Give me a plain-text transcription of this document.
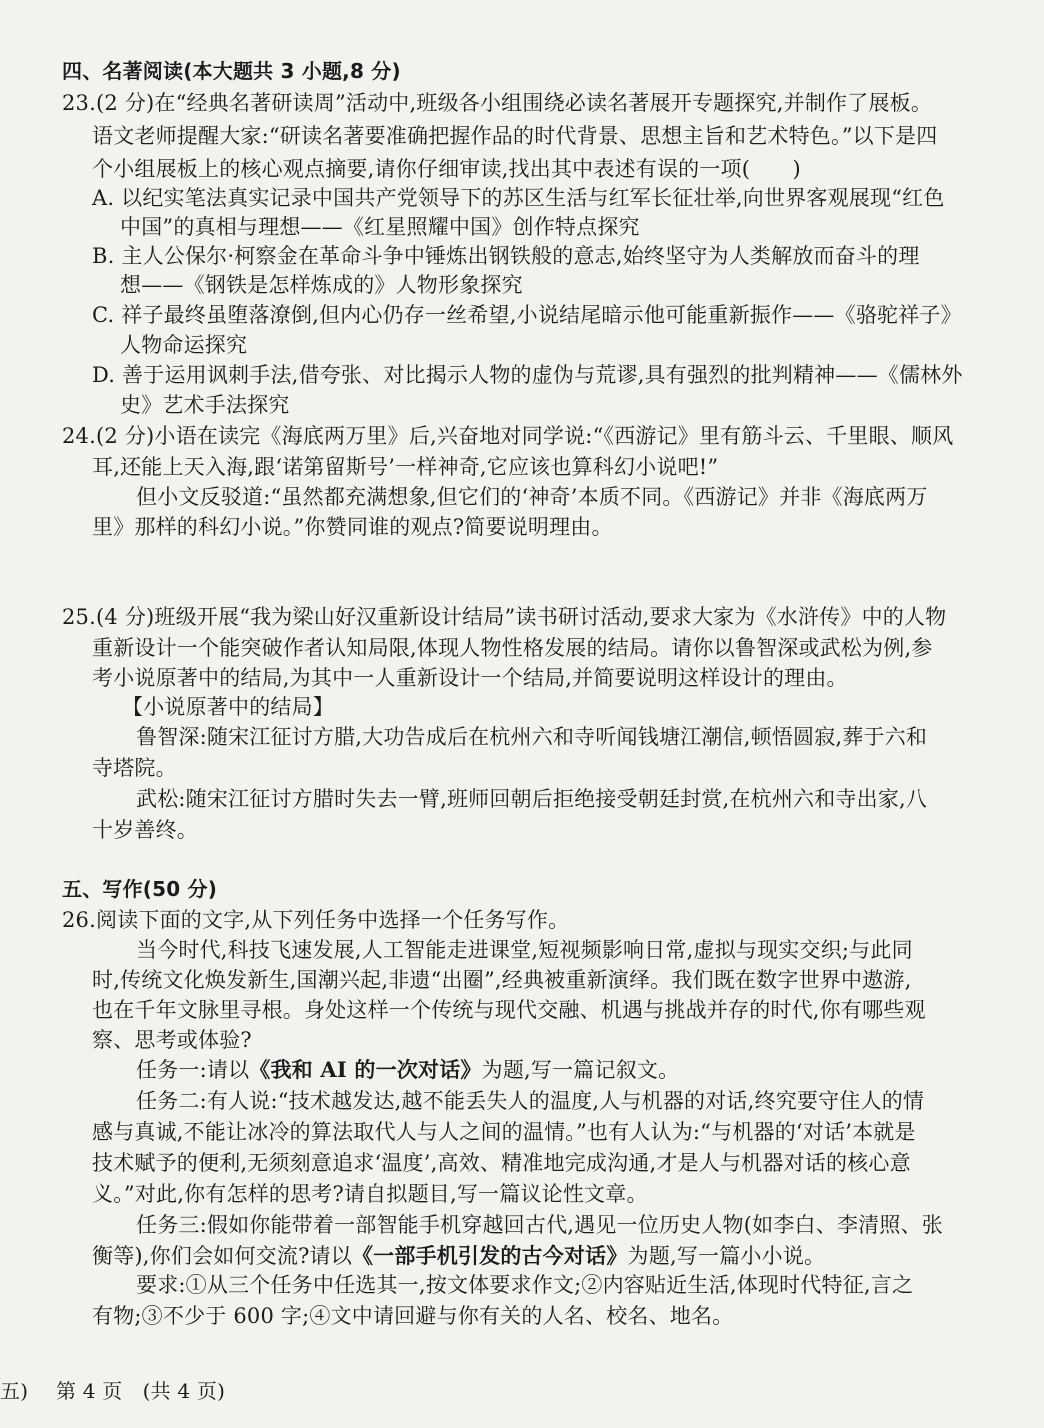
四、名著阅读(本大题共 3 小题,8 分)
23.(2 分)在“经典名著研读周”活动中,班级各小组围绕必读名著展开专题探究,并制作了展板。
语文老师提醒大家:“研读名著要准确把握作品的时代背景、思想主旨和艺术特色。”以下是四
个小组展板上的核心观点摘要,请你仔细审读,找出其中表述有误的一项(　　)
A. 以纪实笔法真实记录中国共产党领导下的苏区生活与红军长征壮举,向世界客观展现“红色
中国”的真相与理想——《红星照耀中国》创作特点探究
B. 主人公保尔·柯察金在革命斗争中锤炼出钢铁般的意志,始终坚守为人类解放而奋斗的理
想——《钢铁是怎样炼成的》人物形象探究
C. 祥子最终虽堕落潦倒,但内心仍存一丝希望,小说结尾暗示他可能重新振作——《骆驼祥子》
人物命运探究
D. 善于运用讽刺手法,借夸张、对比揭示人物的虚伪与荒谬,具有强烈的批判精神——《儒林外
史》艺术手法探究
24.(2 分)小语在读完《海底两万里》后,兴奋地对同学说:“《西游记》里有筋斗云、千里眼、顺风
耳,还能上天入海,跟‘诺第留斯号’一样神奇,它应该也算科幻小说吧!”
但小文反驳道:“虽然都充满想象,但它们的‘神奇’本质不同。《西游记》并非《海底两万
里》那样的科幻小说。”你赞同谁的观点?简要说明理由。
25.(4 分)班级开展“我为梁山好汉重新设计结局”读书研讨活动,要求大家为《水浒传》中的人物
重新设计一个能突破作者认知局限,体现人物性格发展的结局。请你以鲁智深或武松为例,参
考小说原著中的结局,为其中一人重新设计一个结局,并简要说明这样设计的理由。
【小说原著中的结局】
鲁智深:随宋江征讨方腊,大功告成后在杭州六和寺听闻钱塘江潮信,顿悟圆寂,葬于六和
寺塔院。
武松:随宋江征讨方腊时失去一臂,班师回朝后拒绝接受朝廷封赏,在杭州六和寺出家,八
十岁善终。
五、写作(50 分)
26.阅读下面的文字,从下列任务中选择一个任务写作。
当今时代,科技飞速发展,人工智能走进课堂,短视频影响日常,虚拟与现实交织;与此同
时,传统文化焕发新生,国潮兴起,非遗“出圈”,经典被重新演绎。我们既在数字世界中遨游,
也在千年文脉里寻根。身处这样一个传统与现代交融、机遇与挑战并存的时代,你有哪些观
察、思考或体验?
任务一:请以《我和 AI 的一次对话》为题,写一篇记叙文。
任务二:有人说:“技术越发达,越不能丢失人的温度,人与机器的对话,终究要守住人的情
感与真诚,不能让冰冷的算法取代人与人之间的温情。”也有人认为:“与机器的‘对话’本就是
技术赋予的便利,无须刻意追求‘温度’,高效、精准地完成沟通,才是人与机器对话的核心意
义。”对此,你有怎样的思考?请自拟题目,写一篇议论性文章。
任务三:假如你能带着一部智能手机穿越回古代,遇见一位历史人物(如李白、李清照、张
衡等),你们会如何交流?请以《一部手机引发的古今对话》为题,写一篇小小说。
要求:①从三个任务中任选其一,按文体要求作文;②内容贴近生活,体现时代特征,言之
有物;③不少于 600 字;④文中请回避与你有关的人名、校名、地名。
五) 第 4 页　(共 4 页)
